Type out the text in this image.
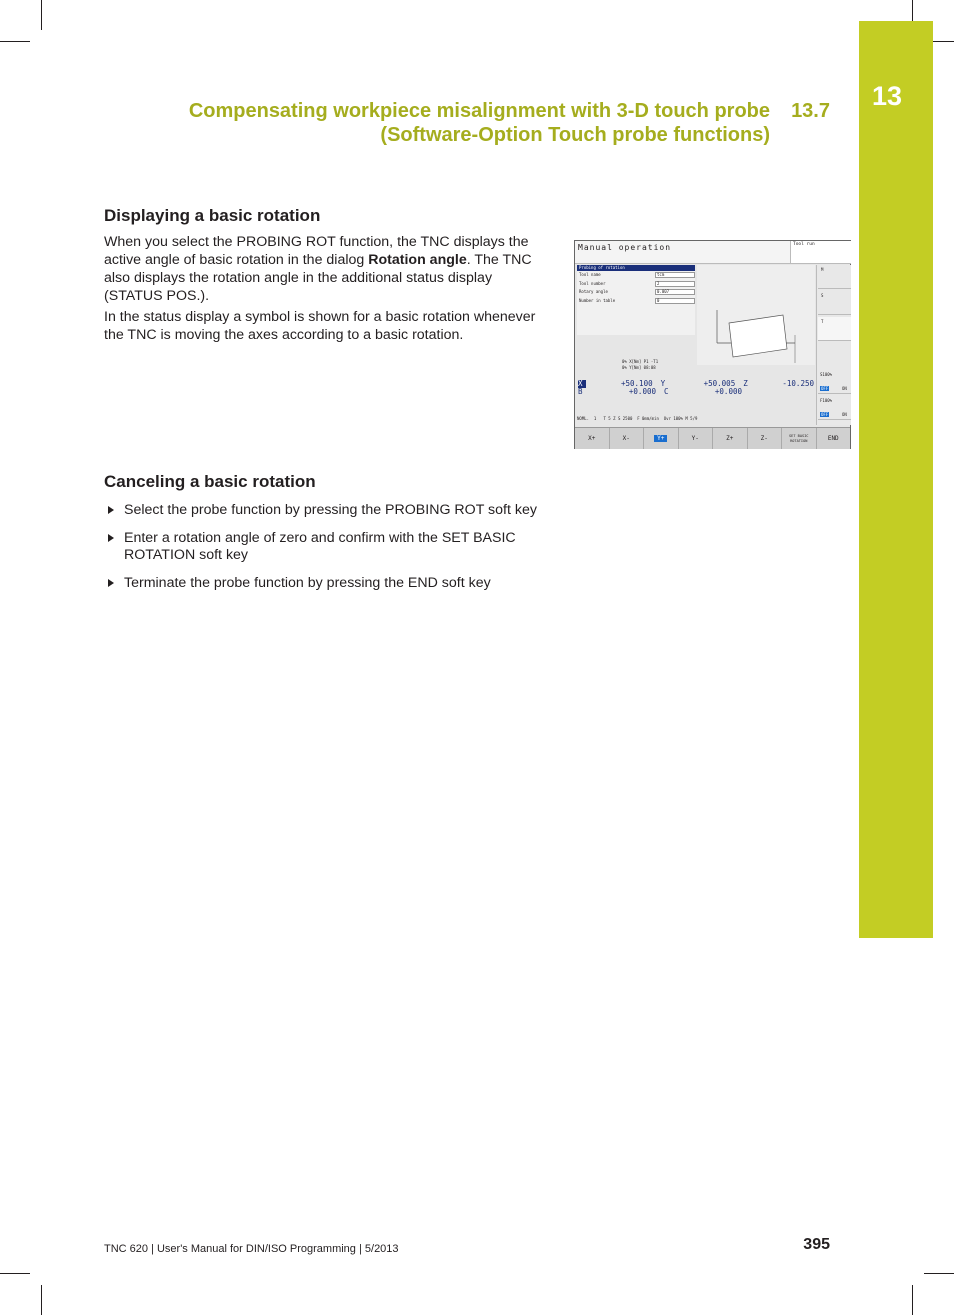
13
Compensating workpiece misalignment with 3-D touch probe	13.7
(Software-Option Touch probe functions)
Displaying a basic rotation

When you select the PROBING ROT function, the TNC displays the active angle of basic rotation in the dialog Rotation angle. The TNC also displays the rotation angle in the additional status display (STATUS POS.).

In the status display a symbol is shown for a basic rotation whenever the TNC is moving the axes according to a basic rotation.

Canceling a basic rotation
Select the probe function by pressing the PROBING ROT soft key
Enter a rotation angle of zero and confirm with the SET BASIC ROTATION soft key
Terminate the probe function by pressing the END soft key
Manual operation	Tool run
Probing of rotation
Tool name	tcm
Tool number	2
Rotary angle	0.007
Number in table	0
M
S
T
S100%
OFF	ON
F100%
OFF	ON
0% X[Nm] P1 -T1
0% Y[Nm] 08:08
X	+50.100 Y	+50.005 Z	-10.250
B	+0.000 C	+0.000
NOML.  1   T 5 Z S 2500  F 0mm/min  Ovr 100% M 5/9
X+	X-	Y+	Y-	Z+	Z-	SET BASIC ROTATION	END
TNC 620 | User's Manual for DIN/ISO Programming | 5/2013	395
